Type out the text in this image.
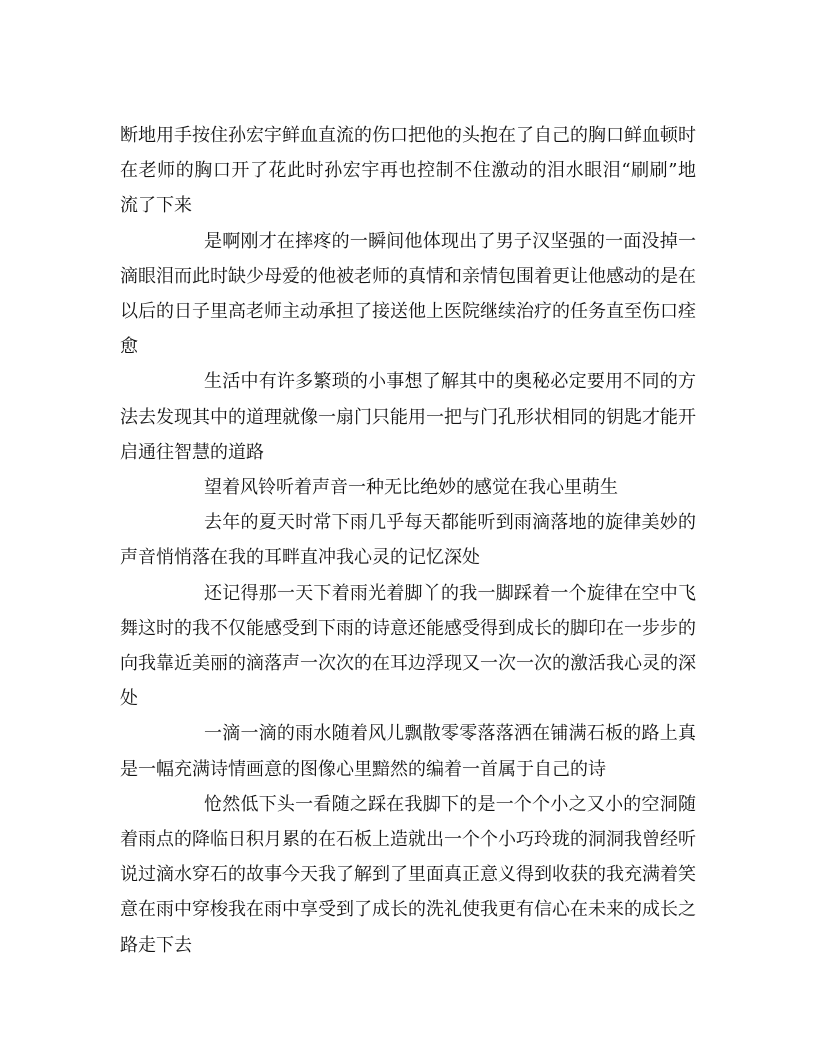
断地用手按住孙宏宇鲜血直流的伤口把他的头抱在了自己的胸口鲜血顿时在老师的胸口开了花此时孙宏宇再也控制不住激动的泪水眼泪“刷刷”地流了下来

是啊刚才在摔疼的一瞬间他体现出了男子汉坚强的一面没掉一滴眼泪而此时缺少母爱的他被老师的真情和亲情包围着更让他感动的是在以后的日子里高老师主动承担了接送他上医院继续治疗的任务直至伤口痊愈

生活中有许多繁琐的小事想了解其中的奥秘必定要用不同的方法去发现其中的道理就像一扇门只能用一把与门孔形状相同的钥匙才能开启通往智慧的道路

望着风铃听着声音一种无比绝妙的感觉在我心里萌生

去年的夏天时常下雨几乎每天都能听到雨滴落地的旋律美妙的声音悄悄落在我的耳畔直冲我心灵的记忆深处

还记得那一天下着雨光着脚丫的我一脚踩着一个旋律在空中飞舞这时的我不仅能感受到下雨的诗意还能感受得到成长的脚印在一步步的向我靠近美丽的滴落声一次次的在耳边浮现又一次一次的激活我心灵的深处

一滴一滴的雨水随着风儿飘散零零落落洒在铺满石板的路上真是一幅充满诗情画意的图像心里黯然的编着一首属于自己的诗

怆然低下头一看随之踩在我脚下的是一个个小之又小的空洞随着雨点的降临日积月累的在石板上造就出一个个小巧玲珑的洞洞我曾经听说过滴水穿石的故事今天我了解到了里面真正意义得到收获的我充满着笑意在雨中穿梭我在雨中享受到了成长的洗礼使我更有信心在未来的成长之路走下去
